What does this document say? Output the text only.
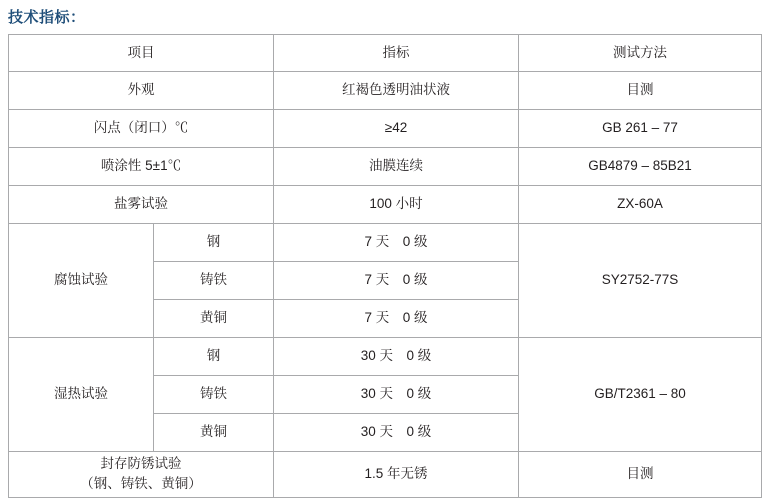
技术指标：
项目		指标	测试方法
外观		红褐色透明油状液	目测
闪点（闭口）℃		≥42	GB 261 – 77
喷涂性 5±1℃		油膜连续	GB4879 – 85B21
盐雾试验		100 小时	ZX-60A
腐蚀试验	钢	7 天　0 级	SY2752-77S
	铸铁	7 天　0 级	
	黄铜	7 天　0 级	
湿热试验	钢	30 天　0 级	GB/T2361 – 80
	铸铁	30 天　0 级	
	黄铜	30 天　0 级	

封存防锈试验
（钢、铸铁、黄铜）		1.5 年无锈	目测
